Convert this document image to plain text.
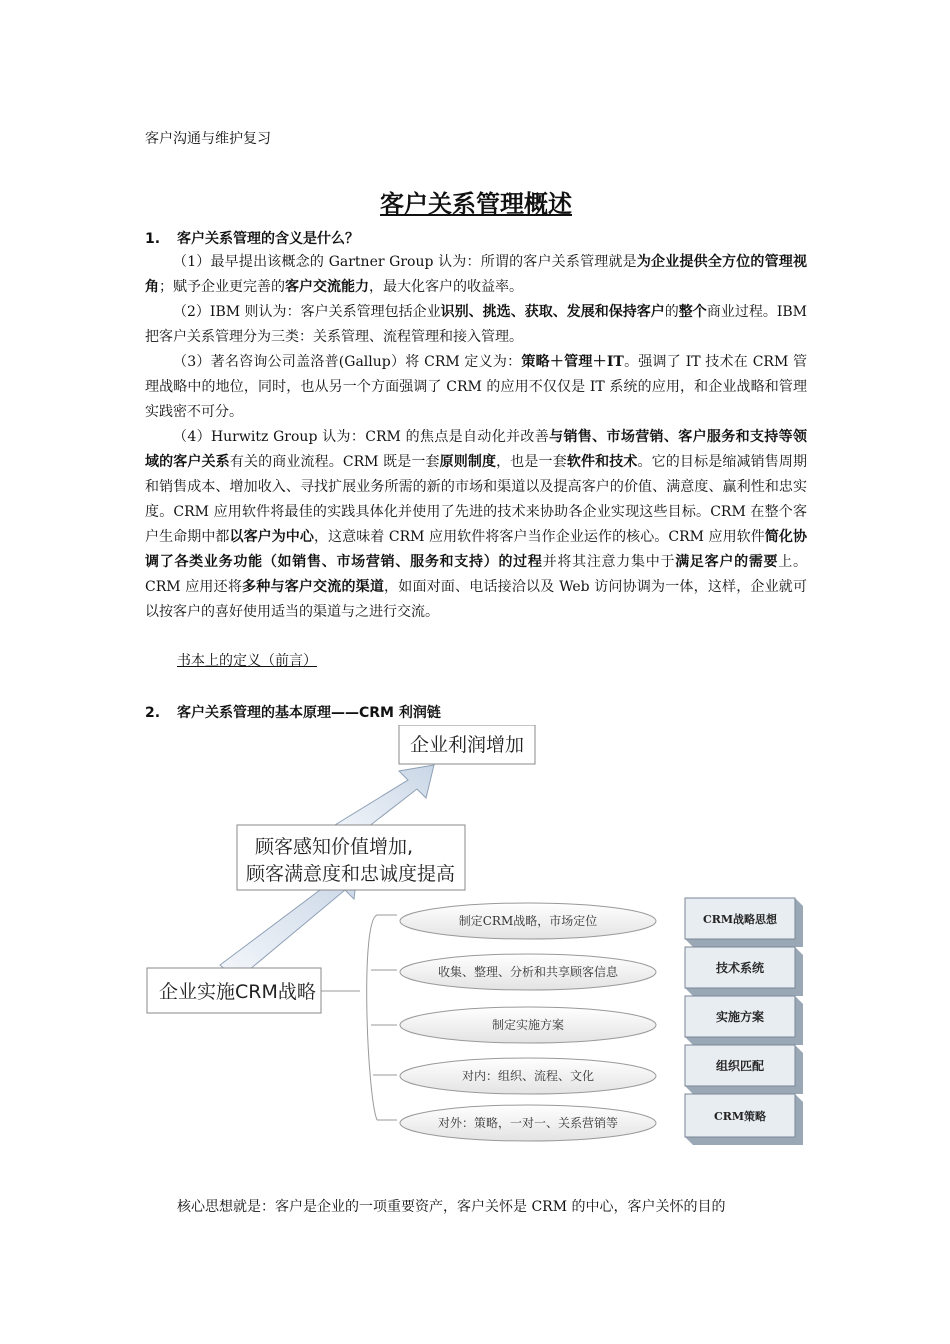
客户沟通与维护复习
客户关系管理概述
1. 客户关系管理的含义是什么？

（1）最早提出该概念的 Gartner Group 认为：所谓的客户关系管理就是为企业提供全方位的管理视角；赋予企业更完善的客户交流能力，最大化客户的收益率。

（2）IBM 则认为：客户关系管理包括企业识别、挑选、获取、发展和保持客户的整个商业过程。IBM 把客户关系管理分为三类：关系管理、流程管理和接入管理。

（3）著名咨询公司盖洛普(Gallup）将 CRM 定义为：策略＋管理＋IT。强调了 IT 技术在 CRM 管理战略中的地位，同时，也从另一个方面强调了 CRM 的应用不仅仅是 IT 系统的应用，和企业战略和管理实践密不可分。

（4）Hurwitz Group 认为：CRM 的焦点是自动化并改善与销售、市场营销、客户服务和支持等领域的客户关系有关的商业流程。CRM 既是一套原则制度，也是一套软件和技术。它的目标是缩减销售周期和销售成本、增加收入、寻找扩展业务所需的新的市场和渠道以及提高客户的价值、满意度、赢利性和忠实度。CRM 应用软件将最佳的实践具体化并使用了先进的技术来协助各企业实现这些目标。CRM 在整个客户生命期中都以客户为中心，这意味着 CRM 应用软件将客户当作企业运作的核心。CRM 应用软件简化协调了各类业务功能（如销售、市场营销、服务和支持）的过程并将其注意力集中于满足客户的需要上。CRM 应用还将多种与客户交流的渠道，如面对面、电话接洽以及 Web 访问协调为一体，这样，企业就可以按客户的喜好使用适当的渠道与之进行交流。

书本上的定义（前言）
2. 客户关系管理的基本原理——CRM 利润链
企业利润增加
顾客感知价值增加,
顾客满意度和忠诚度提高
企业实施CRM战略
制定CRM战略，市场定位
收集、整理、分析和共享顾客信息
制定实施方案
对内：组织、流程、文化
对外：策略，一对一、关系营销等
CRM战略思想
技术系统
实施方案
组织匹配
CRM策略
核心思想就是：客户是企业的一项重要资产，客户关怀是 CRM 的中心，客户关怀的目的
